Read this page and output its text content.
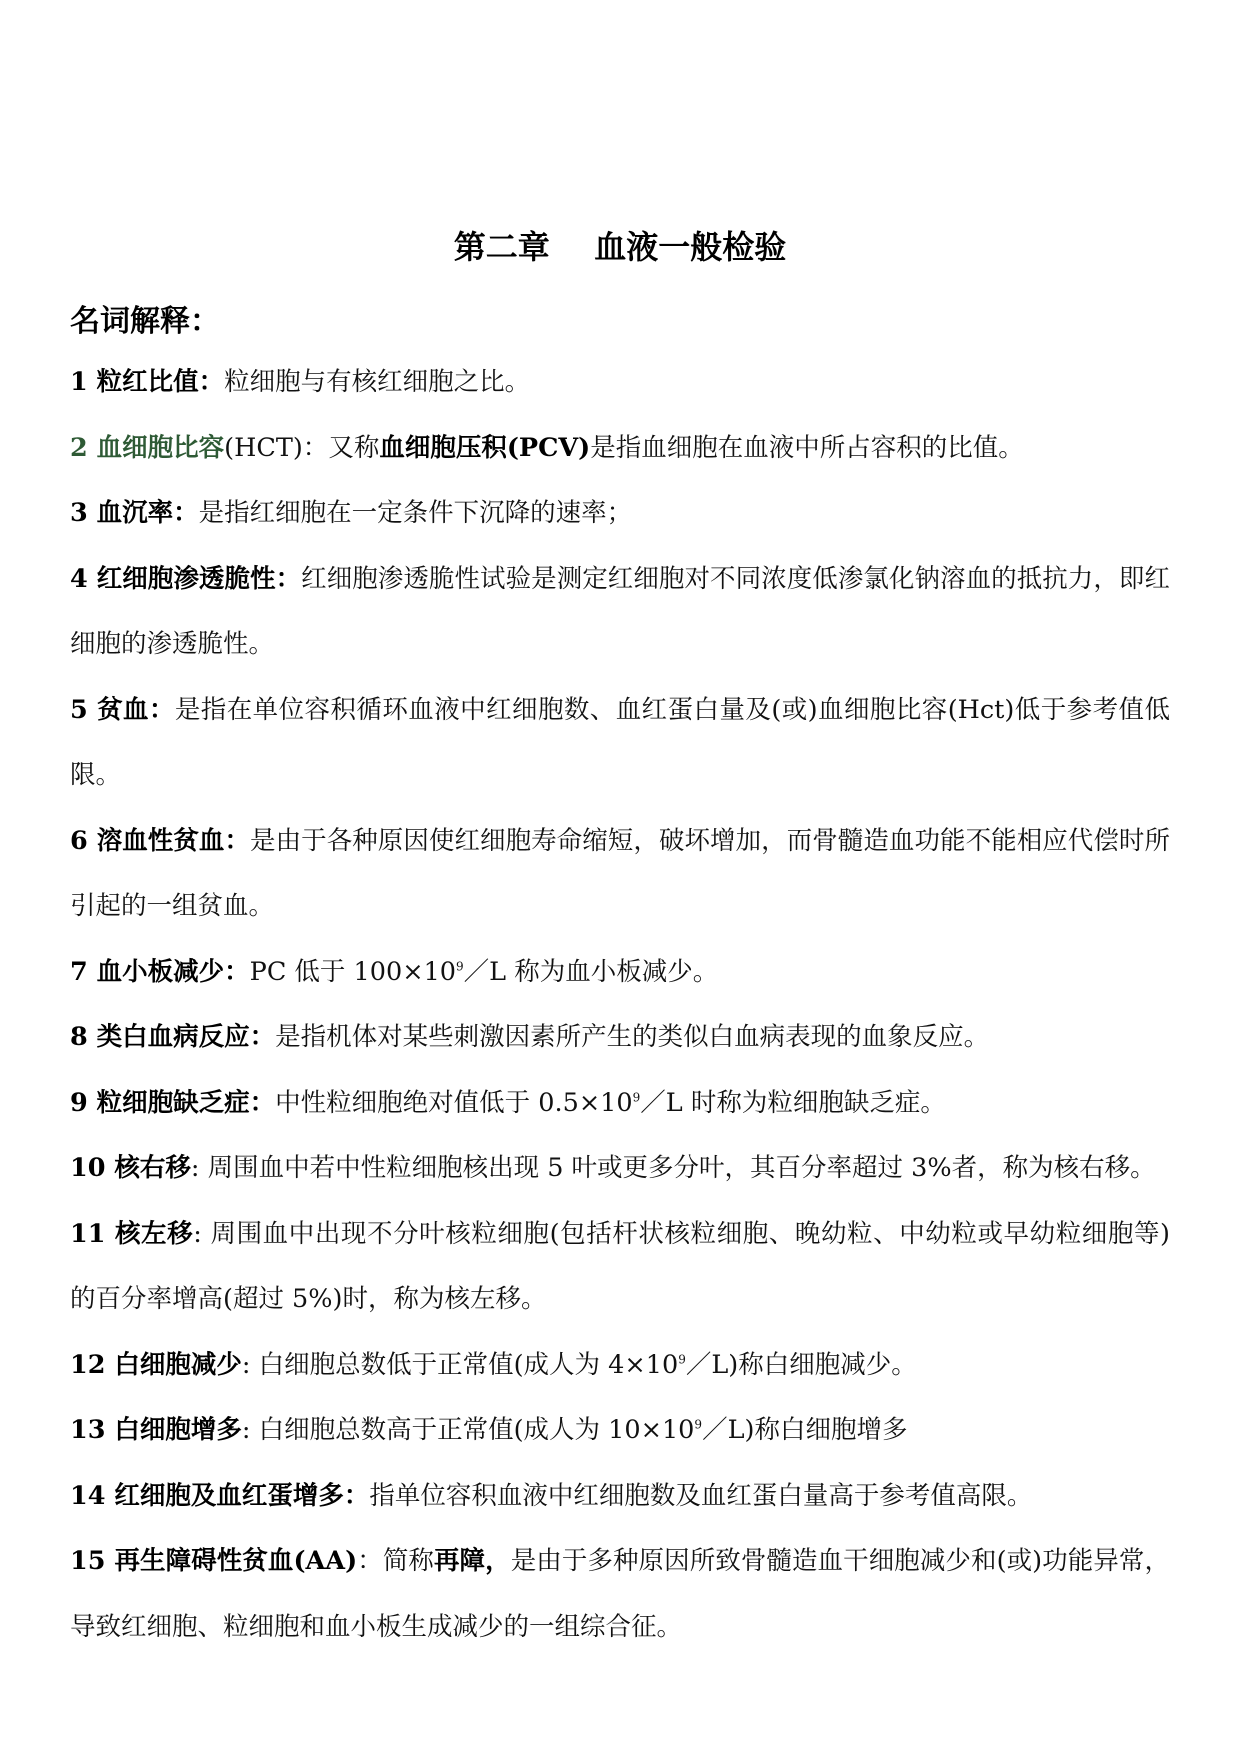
第二章    血液一般检验
名词解释：

1 粒红比值：粒细胞与有核红细胞之比。

2 血细胞比容(HCT)：又称血细胞压积(PCV)是指血细胞在血液中所占容积的比值。

3 血沉率：是指红细胞在一定条件下沉降的速率；

4 红细胞渗透脆性：红细胞渗透脆性试验是测定红细胞对不同浓度低渗氯化钠溶血的抵抗力，即红细胞的渗透脆性。

5 贫血：是指在单位容积循环血液中红细胞数、血红蛋白量及(或)血细胞比容(Hct)低于参考值低限。

6 溶血性贫血：是由于各种原因使红细胞寿命缩短，破坏增加，而骨髓造血功能不能相应代偿时所引起的一组贫血。

7 血小板减少：PC 低于 $100\times 10^9/L$ 称为血小板减少。

8 类白血病反应：是指机体对某些刺激因素所产生的类似白血病表现的血象反应。

9 粒细胞缺乏症：中性粒细胞绝对值低于 $0.5\times 10^9/L$ 时称为粒细胞缺乏症。

10 核右移: 周围血中若中性粒细胞核出现 5 叶或更多分叶，其百分率超过 3%者，称为核右移。

11 核左移: 周围血中出现不分叶核粒细胞(包括杆状核粒细胞、晚幼粒、中幼粒或早幼粒细胞等)的百分率增高(超过 5%)时，称为核左移。

12 白细胞减少: 白细胞总数低于正常值(成人为 $4\times 10^9/L$)称白细胞减少。

13 白细胞增多: 白细胞总数高于正常值(成人为 $10\times 10^9/L$)称白细胞增多

14 红细胞及血红蛋增多：指单位容积血液中红细胞数及血红蛋白量高于参考值高限。

15 再生障碍性贫血(AA)：简称再障，是由于多种原因所致骨髓造血干细胞减少和(或)功能异常，导致红细胞、粒细胞和血小板生成减少的一组综合征。
